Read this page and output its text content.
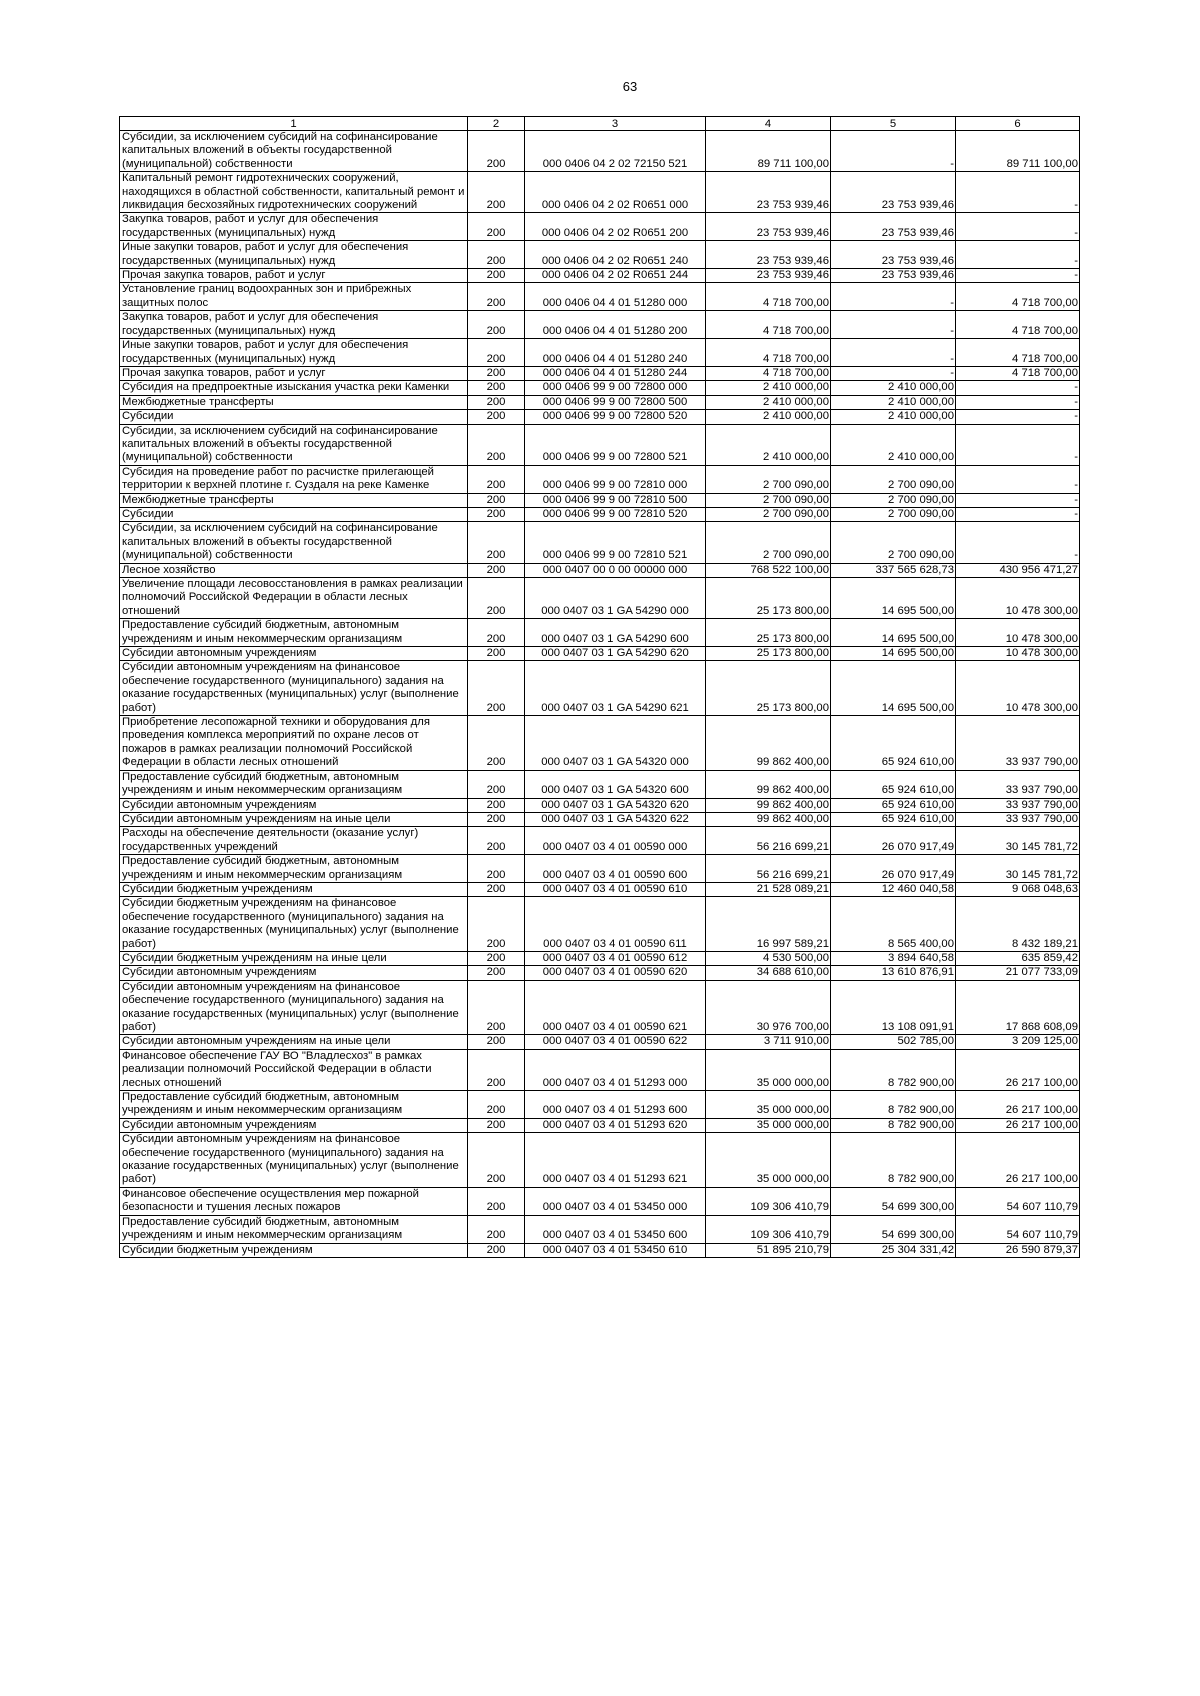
63
1	2	3	4	5	6
Субсидии, за исключением субсидий на софинансирование капитальных вложений в объекты государственной (муниципальной) собственности	200	000 0406 04 2 02 72150 521	89 711 100,00	-	89 711 100,00
Капитальный ремонт гидротехнических сооружений, находящихся в областной собственности, капитальный ремонт и ликвидация бесхозяйных гидротехнических сооружений	200	000 0406 04 2 02 R0651 000	23 753 939,46	23 753 939,46	-
Закупка товаров, работ и услуг для обеспечения государственных (муниципальных) нужд	200	000 0406 04 2 02 R0651 200	23 753 939,46	23 753 939,46	-
Иные закупки товаров, работ и услуг для обеспечения государственных (муниципальных) нужд	200	000 0406 04 2 02 R0651 240	23 753 939,46	23 753 939,46	-
Прочая закупка товаров, работ и услуг	200	000 0406 04 2 02 R0651 244	23 753 939,46	23 753 939,46	-
Установление границ водоохранных зон и прибрежных защитных полос	200	000 0406 04 4 01 51280 000	4 718 700,00	-	4 718 700,00
Закупка товаров, работ и услуг для обеспечения государственных (муниципальных) нужд	200	000 0406 04 4 01 51280 200	4 718 700,00	-	4 718 700,00
Иные закупки товаров, работ и услуг для обеспечения государственных (муниципальных) нужд	200	000 0406 04 4 01 51280 240	4 718 700,00	-	4 718 700,00
Прочая закупка товаров, работ и услуг	200	000 0406 04 4 01 51280 244	4 718 700,00	-	4 718 700,00
Субсидия на предпроектные изыскания участка реки Каменки	200	000 0406 99 9 00 72800 000	2 410 000,00	2 410 000,00	-
Межбюджетные трансферты	200	000 0406 99 9 00 72800 500	2 410 000,00	2 410 000,00	-
Субсидии	200	000 0406 99 9 00 72800 520	2 410 000,00	2 410 000,00	-
Субсидии, за исключением субсидий на софинансирование капитальных вложений в объекты государственной (муниципальной) собственности	200	000 0406 99 9 00 72800 521	2 410 000,00	2 410 000,00	-
Субсидия на проведение работ по расчистке прилегающей территории к верхней плотине г. Суздаля на реке Каменке	200	000 0406 99 9 00 72810 000	2 700 090,00	2 700 090,00	-
Межбюджетные трансферты	200	000 0406 99 9 00 72810 500	2 700 090,00	2 700 090,00	-
Субсидии	200	000 0406 99 9 00 72810 520	2 700 090,00	2 700 090,00	-
Субсидии, за исключением субсидий на софинансирование капитальных вложений в объекты государственной (муниципальной) собственности	200	000 0406 99 9 00 72810 521	2 700 090,00	2 700 090,00	-
Лесное хозяйство	200	000 0407 00 0 00 00000 000	768 522 100,00	337 565 628,73	430 956 471,27
Увеличение площади лесовосстановления в рамках реализации полномочий Российской Федерации в области лесных отношений	200	000 0407 03 1 GA 54290 000	25 173 800,00	14 695 500,00	10 478 300,00
Предоставление субсидий бюджетным, автономным учреждениям и иным некоммерческим организациям	200	000 0407 03 1 GA 54290 600	25 173 800,00	14 695 500,00	10 478 300,00
Субсидии автономным учреждениям	200	000 0407 03 1 GA 54290 620	25 173 800,00	14 695 500,00	10 478 300,00
Субсидии автономным учреждениям на финансовое обеспечение государственного (муниципального) задания на оказание государственных (муниципальных) услуг (выполнение работ)	200	000 0407 03 1 GA 54290 621	25 173 800,00	14 695 500,00	10 478 300,00
Приобретение лесопожарной техники и оборудования для проведения комплекса мероприятий по охране лесов от пожаров в рамках реализации полномочий Российской Федерации в области лесных отношений	200	000 0407 03 1 GA 54320 000	99 862 400,00	65 924 610,00	33 937 790,00
Предоставление субсидий бюджетным, автономным учреждениям и иным некоммерческим организациям	200	000 0407 03 1 GA 54320 600	99 862 400,00	65 924 610,00	33 937 790,00
Субсидии автономным учреждениям	200	000 0407 03 1 GA 54320 620	99 862 400,00	65 924 610,00	33 937 790,00
Субсидии автономным учреждениям на иные цели	200	000 0407 03 1 GA 54320 622	99 862 400,00	65 924 610,00	33 937 790,00
Расходы на обеспечение деятельности (оказание услуг) государственных учреждений	200	000 0407 03 4 01 00590 000	56 216 699,21	26 070 917,49	30 145 781,72
Предоставление субсидий бюджетным, автономным учреждениям и иным некоммерческим организациям	200	000 0407 03 4 01 00590 600	56 216 699,21	26 070 917,49	30 145 781,72
Субсидии бюджетным учреждениям	200	000 0407 03 4 01 00590 610	21 528 089,21	12 460 040,58	9 068 048,63
Субсидии бюджетным учреждениям на финансовое обеспечение государственного (муниципального) задания на оказание государственных (муниципальных) услуг (выполнение работ)	200	000 0407 03 4 01 00590 611	16 997 589,21	8 565 400,00	8 432 189,21
Субсидии бюджетным учреждениям на иные цели	200	000 0407 03 4 01 00590 612	4 530 500,00	3 894 640,58	635 859,42
Субсидии автономным учреждениям	200	000 0407 03 4 01 00590 620	34 688 610,00	13 610 876,91	21 077 733,09
Субсидии автономным учреждениям на финансовое обеспечение государственного (муниципального) задания на оказание государственных (муниципальных) услуг (выполнение работ)	200	000 0407 03 4 01 00590 621	30 976 700,00	13 108 091,91	17 868 608,09
Субсидии автономным учреждениям на иные цели	200	000 0407 03 4 01 00590 622	3 711 910,00	502 785,00	3 209 125,00
Финансовое обеспечение ГАУ ВО "Владлесхоз" в рамках реализации полномочий Российской Федерации в области лесных отношений	200	000 0407 03 4 01 51293 000	35 000 000,00	8 782 900,00	26 217 100,00
Предоставление субсидий бюджетным, автономным учреждениям и иным некоммерческим организациям	200	000 0407 03 4 01 51293 600	35 000 000,00	8 782 900,00	26 217 100,00
Субсидии автономным учреждениям	200	000 0407 03 4 01 51293 620	35 000 000,00	8 782 900,00	26 217 100,00
Субсидии автономным учреждениям на финансовое обеспечение государственного (муниципального) задания на оказание государственных (муниципальных) услуг (выполнение работ)	200	000 0407 03 4 01 51293 621	35 000 000,00	8 782 900,00	26 217 100,00
Финансовое обеспечение осуществления мер пожарной безопасности и тушения лесных пожаров	200	000 0407 03 4 01 53450 000	109 306 410,79	54 699 300,00	54 607 110,79
Предоставление субсидий бюджетным, автономным учреждениям и иным некоммерческим организациям	200	000 0407 03 4 01 53450 600	109 306 410,79	54 699 300,00	54 607 110,79
Субсидии бюджетным учреждениям	200	000 0407 03 4 01 53450 610	51 895 210,79	25 304 331,42	26 590 879,37
